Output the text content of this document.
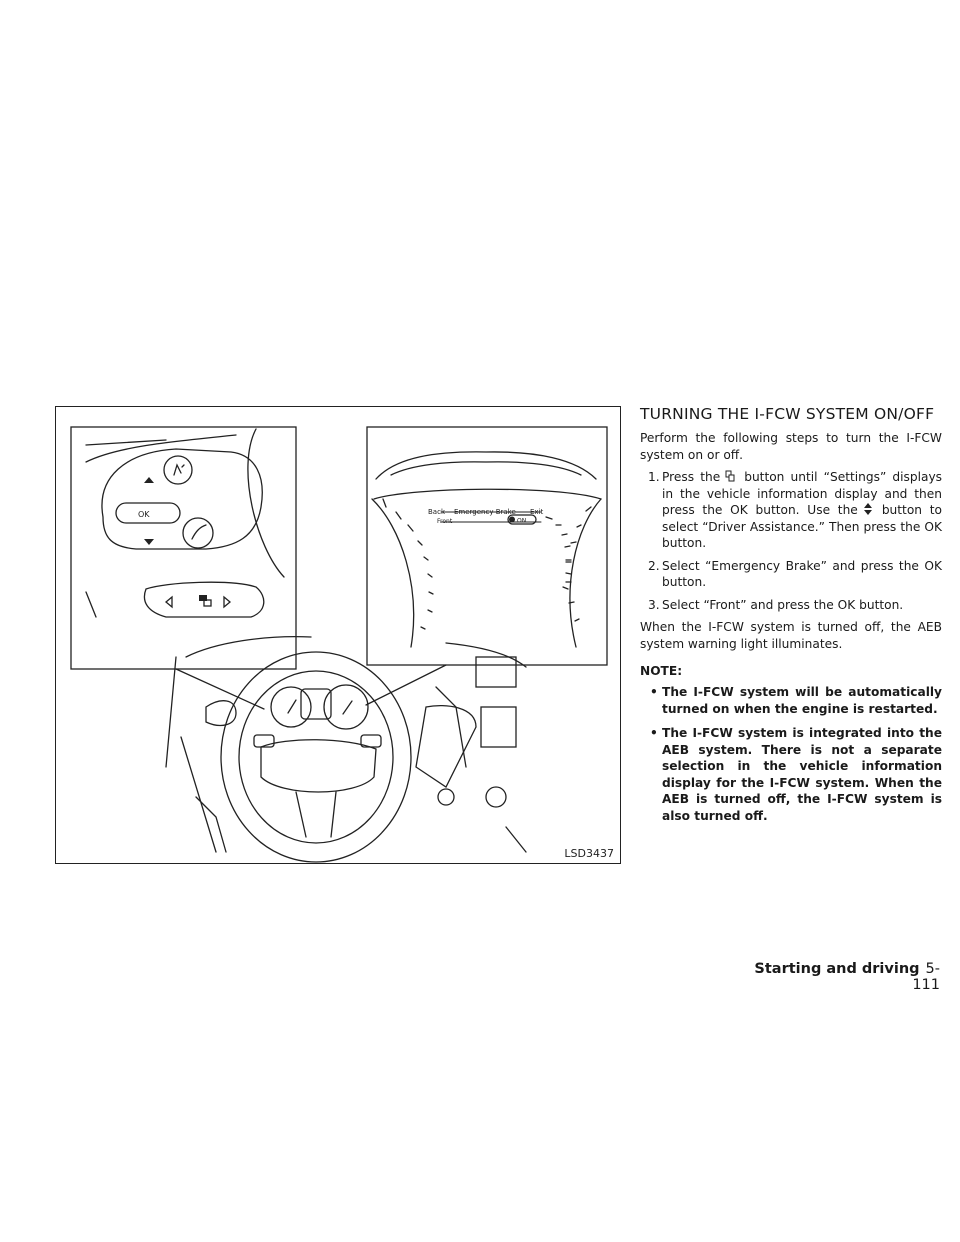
Back Emergency Brake Exit
Front	ON
OK
LSD3437
TURNING THE I-FCW SYSTEM ON/OFF

Perform the following steps to turn the I-FCW system on or off.

1. Press the button until “Settings” displays in the vehicle information display and then press the OK button. Use the button to select “Driver Assistance.” Then press the OK button.
2. Select “Emergency Brake” and press the OK button.
3. Select “Front” and press the OK button.

When the I-FCW system is turned off, the AEB system warning light illuminates.

NOTE:
• The I-FCW system will be automatically turned on when the engine is restarted.
• The I-FCW system is integrated into the AEB system. There is not a separate selection in the vehicle information display for the I-FCW system. When the AEB is turned off, the I-FCW system is also turned off.
Starting and driving 5-111
